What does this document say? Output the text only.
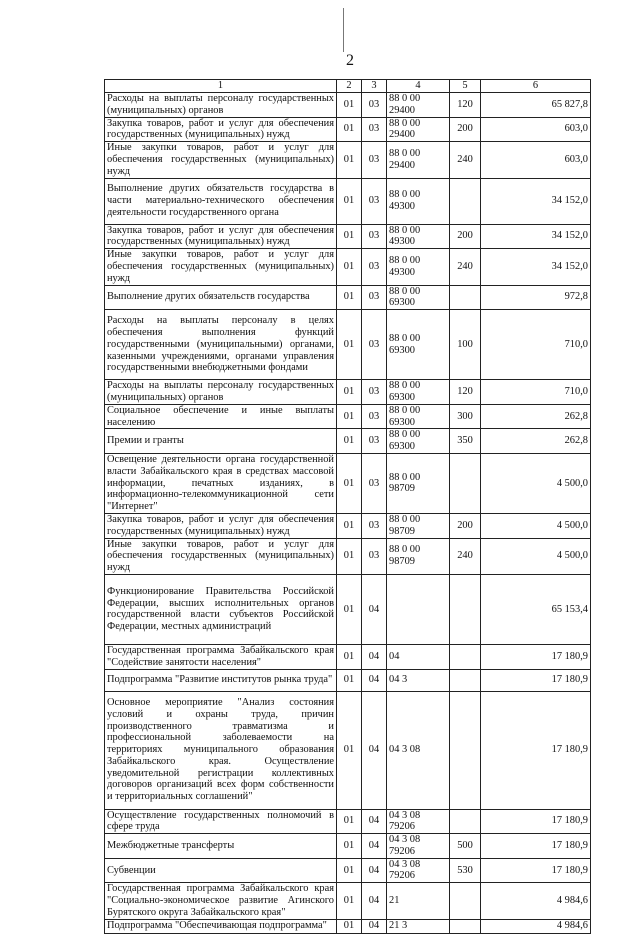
2
1	2	3	4	5	6
Расходы на выплаты персоналу государственных (муниципальных) органов	01	03	88 0 00 29400	120	65 827,8
Закупка товаров, работ и услуг для обеспечения государственных (муниципальных) нужд	01	03	88 0 00 29400	200	603,0
Иные закупки товаров, работ и услуг для обеспечения государственных (муниципальных) нужд	01	03	88 0 00 29400	240	603,0
Выполнение других обязательств государства в части материально-технического обеспечения деятельности государственного органа	01	03	88 0 00 49300		34 152,0
Закупка товаров, работ и услуг для обеспечения государственных (муниципальных) нужд	01	03	88 0 00 49300	200	34 152,0
Иные закупки товаров, работ и услуг для обеспечения государственных (муниципальных) нужд	01	03	88 0 00 49300	240	34 152,0
Выполнение других обязательств государства	01	03	88 0 00 69300		972,8
Расходы на выплаты персоналу в целях обеспечения выполнения функций государственными (муниципальными) органами, казенными учреждениями, органами управления государственными внебюджетными фондами	01	03	88 0 00 69300	100	710,0
Расходы на выплаты персоналу государственных (муниципальных) органов	01	03	88 0 00 69300	120	710,0
Социальное обеспечение и иные выплаты населению	01	03	88 0 00 69300	300	262,8
Премии и гранты	01	03	88 0 00 69300	350	262,8
Освещение деятельности органа государственной власти Забайкальского края в средствах массовой информации, печатных изданиях, в информационно-телекоммуникационной сети "Интернет"	01	03	88 0 00 98709		4 500,0
Закупка товаров, работ и услуг для обеспечения государственных (муниципальных) нужд	01	03	88 0 00 98709	200	4 500,0
Иные закупки товаров, работ и услуг для обеспечения государственных (муниципальных) нужд	01	03	88 0 00 98709	240	4 500,0
Функционирование Правительства Российской Федерации, высших исполнительных органов государственной власти субъектов Российской Федерации, местных администраций	01	04			65 153,4
Государственная программа Забайкальского края "Содействие занятости населения"	01	04	04		17 180,9
Подпрограмма "Развитие институтов рынка труда"	01	04	04 3		17 180,9
Основное мероприятие "Анализ состояния условий и охраны труда, причин производственного травматизма и профессиональной заболеваемости на территориях муниципального образования Забайкальского края. Осуществление уведомительной регистрации коллективных договоров организаций всех форм собственности и территориальных соглашений"	01	04	04 3 08		17 180,9
Осуществление государственных полномочий в сфере труда	01	04	04 3 08 79206		17 180,9
Межбюджетные трансферты	01	04	04 3 08 79206	500	17 180,9
Субвенции	01	04	04 3 08 79206	530	17 180,9
Государственная программа Забайкальского края "Социально-экономическое развитие Агинского Бурятского округа Забайкальского края"	01	04	21		4 984,6
Подпрограмма "Обеспечивающая подпрограмма"	01	04	21 3		4 984,6
